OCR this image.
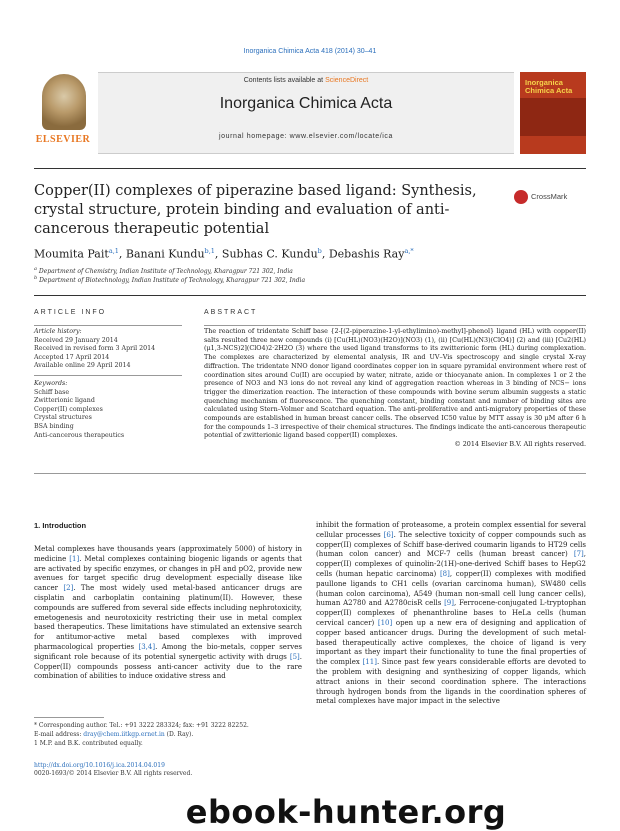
Inorganica Chimica Acta 418 (2014) 30–41
ELSEVIER
Contents lists available at ScienceDirect
Inorganica Chimica Acta
journal homepage: www.elsevier.com/locate/ica
Inorganica Chimica Acta
Copper(II) complexes of piperazine based ligand: Synthesis, crystal structure, protein binding and evaluation of anti-cancerous therapeutic potential
CrossMark
Moumita Pait$^{a,1}$, Banani Kundu$^{b,1}$, Subhas C. Kundu$^b$, Debashis Ray$^{a,*}$
$^a$ Department of Chemistry, Indian Institute of Technology, Kharagpur 721 302, India
$^b$ Department of Biotechnology, Indian Institute of Technology, Kharagpur 721 302, India
ARTICLE INFO	ABSTRACT
Article history:
Received 29 January 2014
Received in revised form 3 April 2014
Accepted 17 April 2014
Available online 29 April 2014
Keywords:
Schiff base
Zwitterionic ligand
Copper(II) complexes
Crystal structures
BSA binding
Anti-cancerous therapeutics
The reaction of tridentate Schiff base {2-[(2-piperazine-1-yl-ethylimino)-methyl]-phenol} ligand (HL) with copper(II) salts resulted three new compounds (i) [Cu(HL)(NO3)(H2O)](NO3) (1), (ii) [Cu(HL)(N3)(ClO4)] (2) and (iii) [Cu2(HL)(μ1,3-NCS)2](ClO4)2·2H2O (3) where the used ligand transforms to its zwitterionic form (HL) during complexation. The complexes are characterized by elemental analysis, IR and UV–Vis spectroscopy and single crystal X-ray diffraction. The tridentate NNO donor ligand coordinates copper ion in square pyramidal environment where rest of coordination sites around Cu(II) are occupied by water, nitrate, azide or thiocyanate anion. In complexes 1 or 2 the presence of NO3 and N3 ions do not reveal any kind of aggregation reaction whereas in 3 binding of NCS− ions trigger the dimerization reaction. The interaction of these compounds with bovine serum albumin suggests a static quenching mechanism of fluorescence. The quenching constant, binding constant and number of binding sites are calculated using Stern–Volmer and Scatchard equation. The anti-proliferative and anti-migratory properties of these compounds are established in human breast cancer cells. The observed IC50 value by MTT assay is 30 μM after 6 h for the compounds 1–3 irrespective of their chemical structures. The findings indicate the anti-cancerous therapeutic potential of zwitterionic ligand based copper(II) complexes.
© 2014 Elsevier B.V. All rights reserved.
1. Introduction
Metal complexes have thousands years (approximately 5000) of history in medicine [1]. Metal complexes containing biogenic ligands or agents that are activated by specific enzymes, or changes in pH and pO2, provide new avenues for target specific drug development especially disease like cancer [2]. The most widely used metal-based anticancer drugs are cisplatin and carboplatin containing platinum(II). However, these compounds are suffered from several side effects including nephrotoxicity, emetogenesis and neurotoxicity restricting their use in metal complex based therapeutics. These limitations have stimulated an extensive search for antitumor-active metal based complexes with improved pharmacological properties [3,4]. Among the bio-metals, copper serves significant role because of its potential synergetic activity with drugs [5]. Copper(II) compounds possess anti-cancer activity due to the rare combination of abilities to induce oxidative stress and
inhibit the formation of proteasome, a protein complex essential for several cellular processes [6]. The selective toxicity of copper compounds such as copper(II) complexes of Schiff base-derived coumarin ligands to HT29 cells (human colon cancer) and MCF-7 cells (human breast cancer) [7], copper(II) complexes of quinolin-2(1H)-one-derived Schiff bases to HepG2 cells (human hepatic carcinoma) [8], copper(II) complexes with modified paullone ligands to CH1 cells (ovarian carcinoma human), SW480 cells (human colon carcinoma), A549 (human non-small cell lung cancer cells), human A2780 and A2780cisR cells [9], Ferrocene-conjugated L-tryptophan copper(II) complexes of phenanthroline bases to HeLa cells (human cervical cancer) [10] open up a new era of designing and application of copper based anticancer drugs. During the development of such metal-based therapeutically active complexes, the choice of ligand is very important as they impart their functionality to tune the final properties of the complex [11]. Since past few years considerable efforts are devoted to the problem with designing and synthesizing of copper ligands, which attract anions in their second coordination sphere. The interactions through hydrogen bonds from the ligands in the coordination spheres of metal complexes have major impact in the selective
* Corresponding author. Tel.: +91 3222 283324; fax: +91 3222 82252.
E-mail address: dray@chem.iitkgp.ernet.in (D. Ray).
1 M.P. and B.K. contributed equally.
http://dx.doi.org/10.1016/j.ica.2014.04.019
0020-1693/© 2014 Elsevier B.V. All rights reserved.
ebook-hunter.org
